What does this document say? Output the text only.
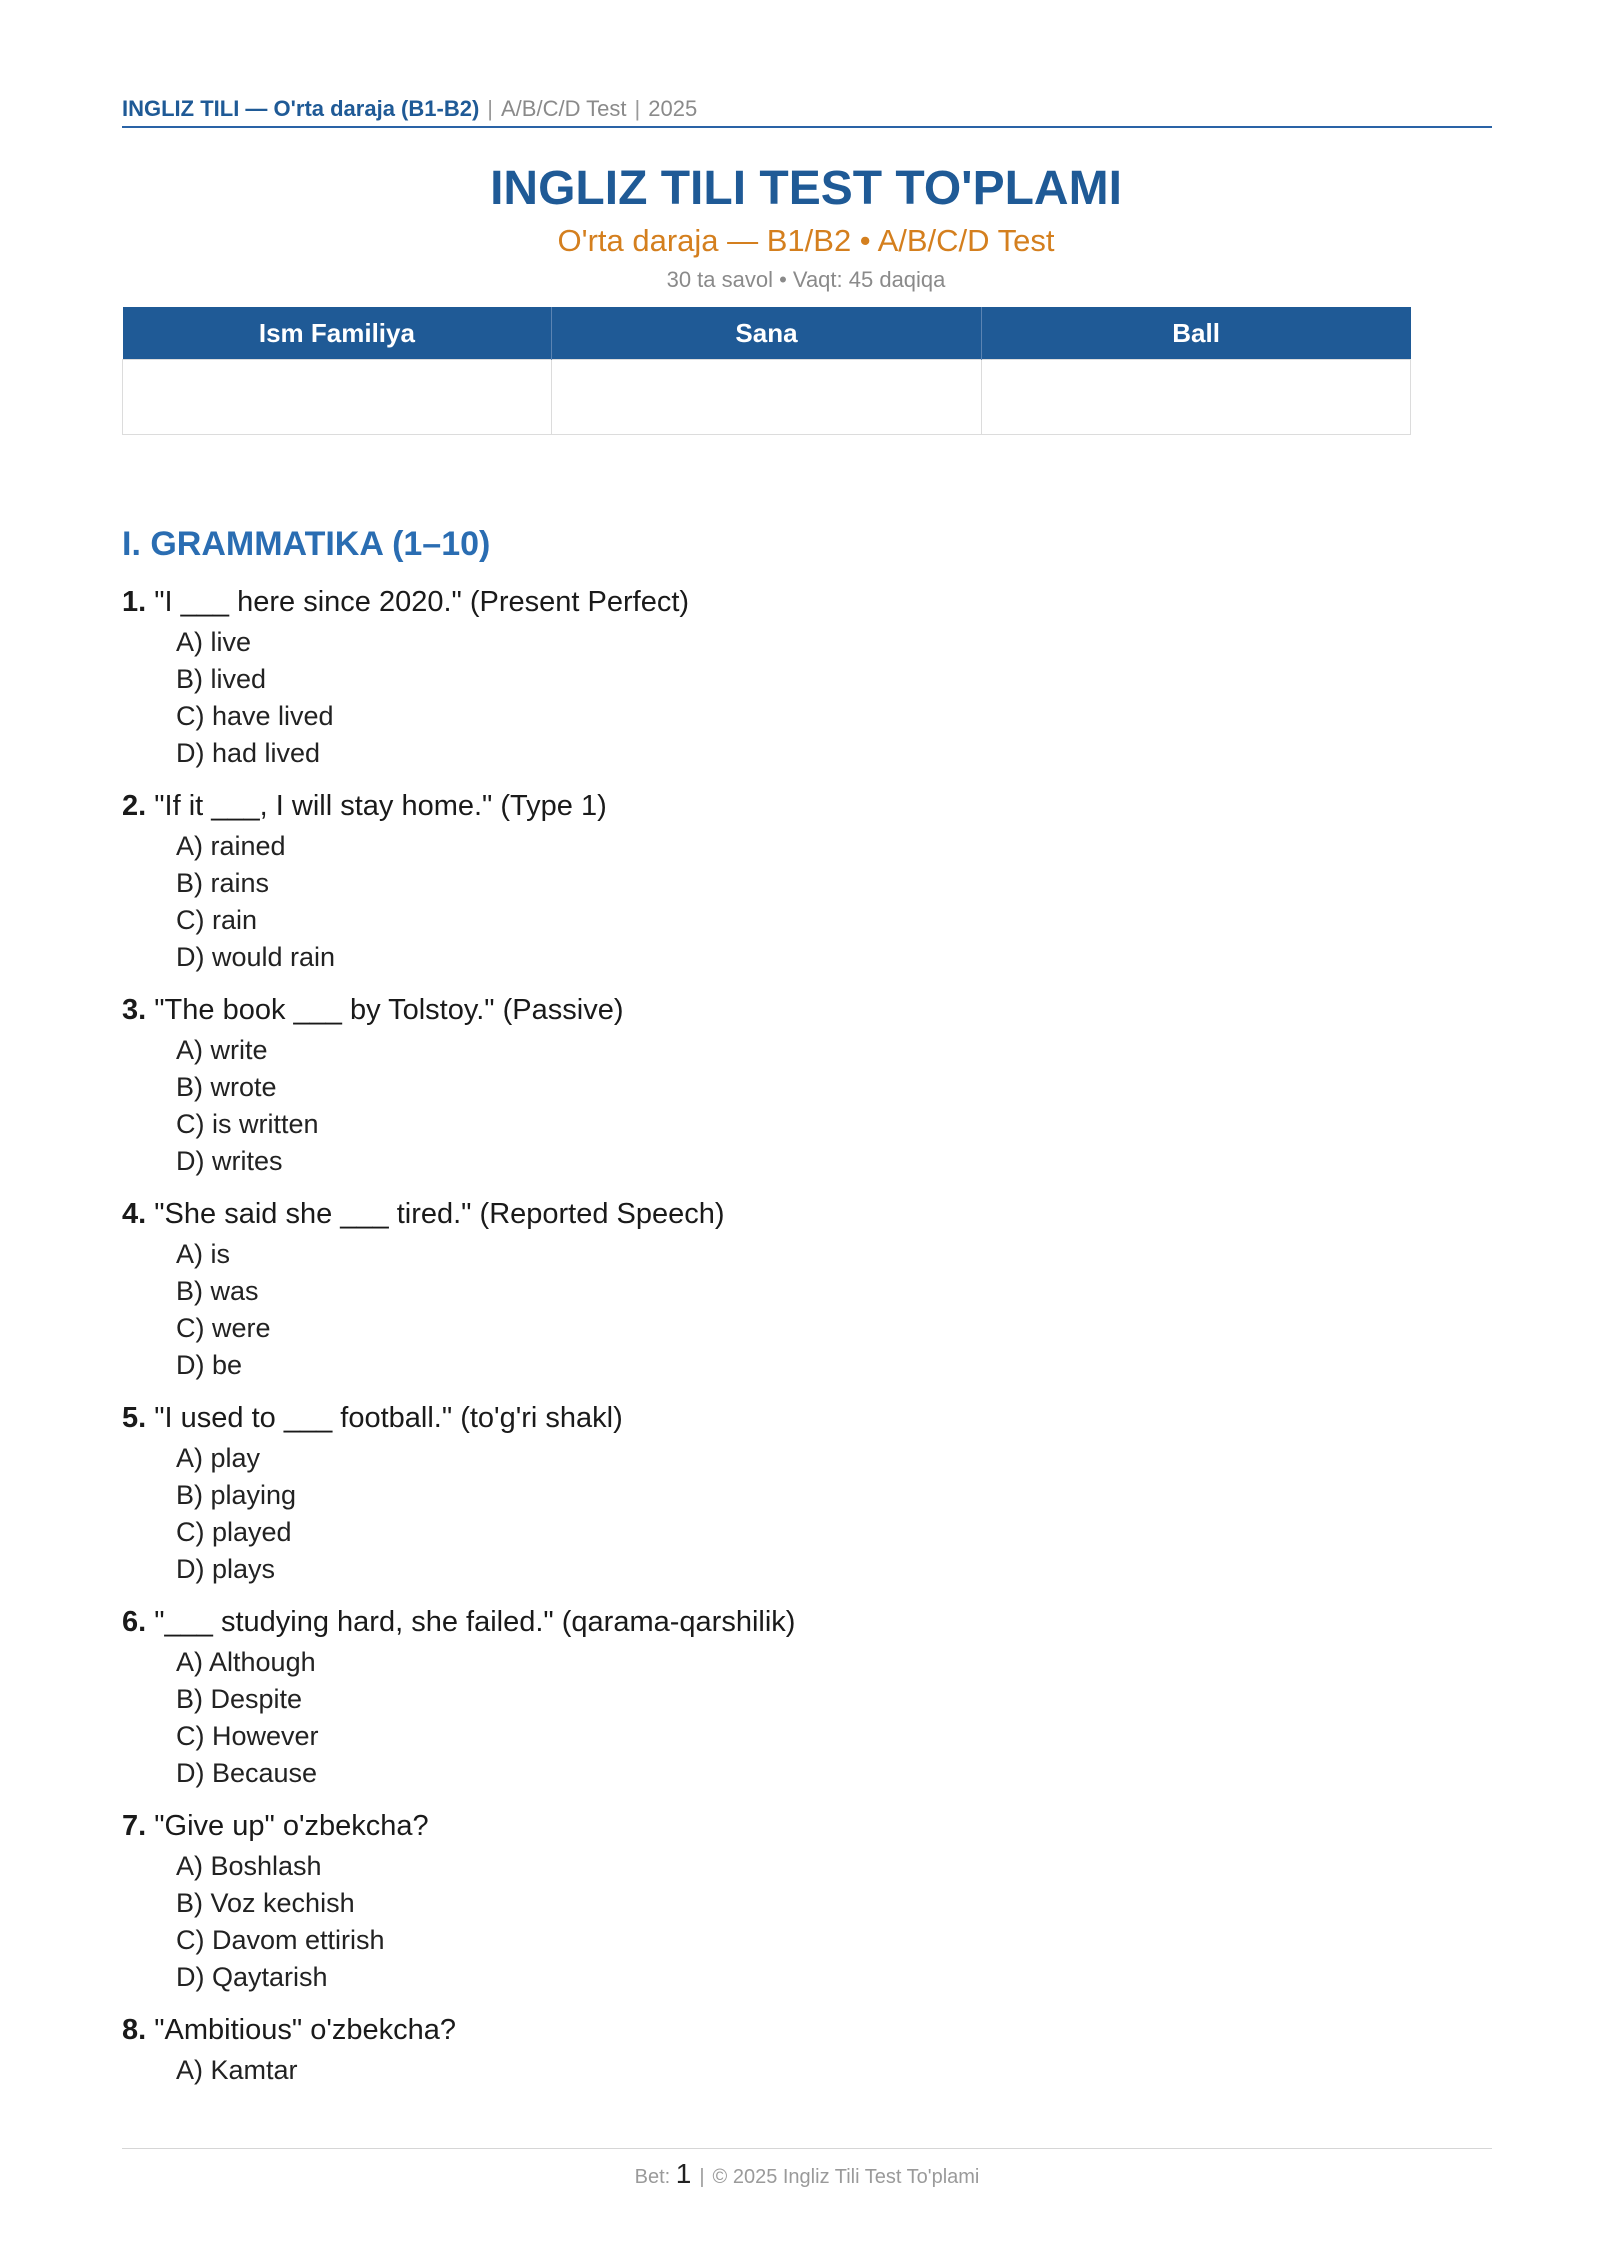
INGLIZ TILI — O'rta daraja (B1-B2) | A/B/C/D Test | 2025
INGLIZ TILI TEST TO'PLAMI
O'rta daraja — B1/B2 • A/B/C/D Test
30 ta savol • Vaqt: 45 daqiqa
Ism Familiya	Sana	Ball

I. GRAMMATIKA (1–10)
1. "I ___ here since 2020." (Present Perfect)
A) live
B) lived
C) have lived
D) had lived
2. "If it ___, I will stay home." (Type 1)
A) rained
B) rains
C) rain
D) would rain
3. "The book ___ by Tolstoy." (Passive)
A) write
B) wrote
C) is written
D) writes
4. "She said she ___ tired." (Reported Speech)
A) is
B) was
C) were
D) be
5. "I used to ___ football." (to'g'ri shakl)
A) play
B) playing
C) played
D) plays
6. "___ studying hard, she failed." (qarama-qarshilik)
A) Although
B) Despite
C) However
D) Because
7. "Give up" o'zbekcha?
A) Boshlash
B) Voz kechish
C) Davom ettirish
D) Qaytarish
8. "Ambitious" o'zbekcha?
A) Kamtar
Bet: 1 | © 2025 Ingliz Tili Test To'plami
